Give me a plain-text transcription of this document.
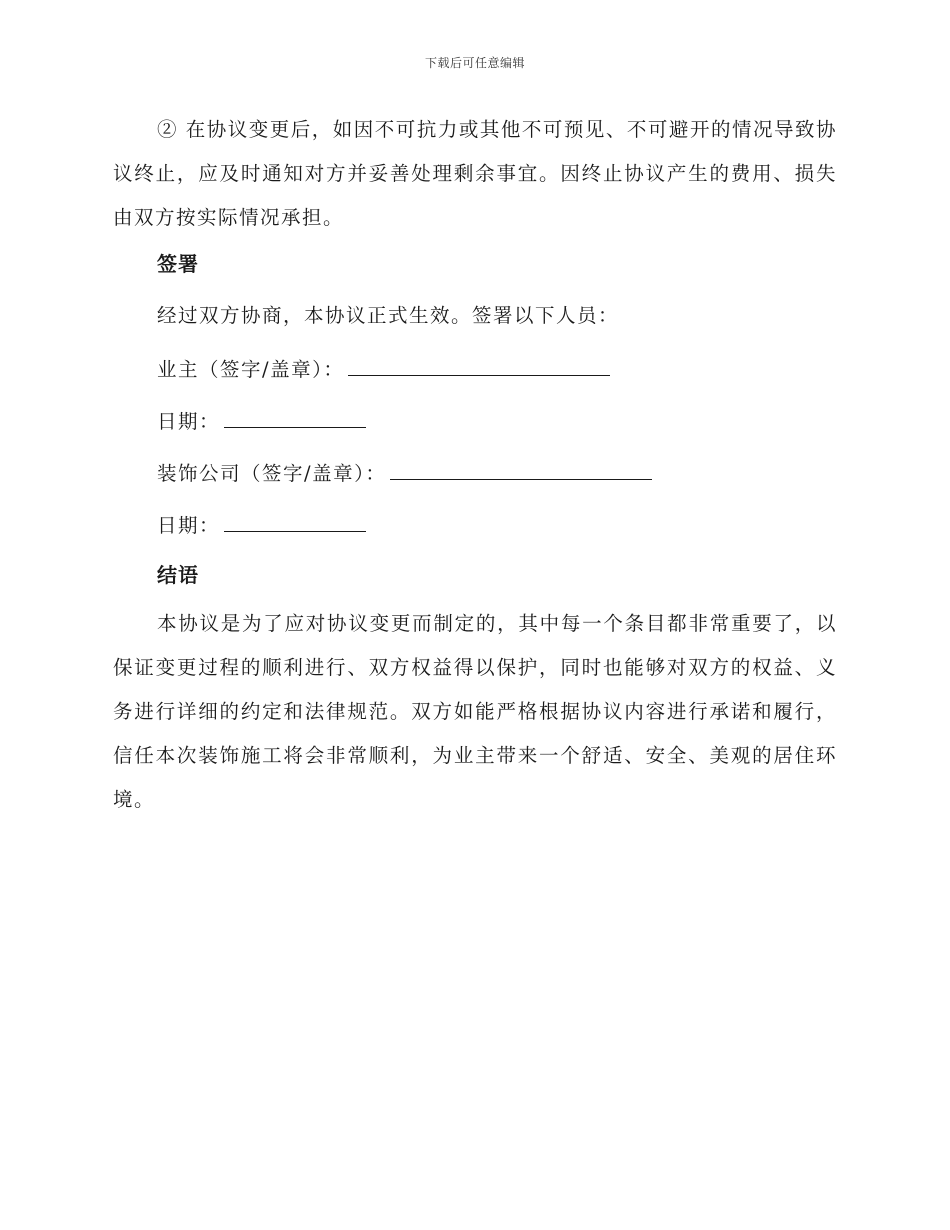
下载后可任意编辑

② 在协议变更后，如因不可抗力或其他不可预见、不可避开的情况导致协议终止，应及时通知对方并妥善处理剩余事宜。因终止协议产生的费用、损失由双方按实际情况承担。

签署

经过双方协商，本协议正式生效。签署以下人员：

业主（签字/盖章）：

日期：

装饰公司（签字/盖章）：

日期：

结语

本协议是为了应对协议变更而制定的，其中每一个条目都非常重要了，以保证变更过程的顺利进行、双方权益得以保护，同时也能够对双方的权益、义务进行详细的约定和法律规范。双方如能严格根据协议内容进行承诺和履行，信任本次装饰施工将会非常顺利，为业主带来一个舒适、安全、美观的居住环境。
